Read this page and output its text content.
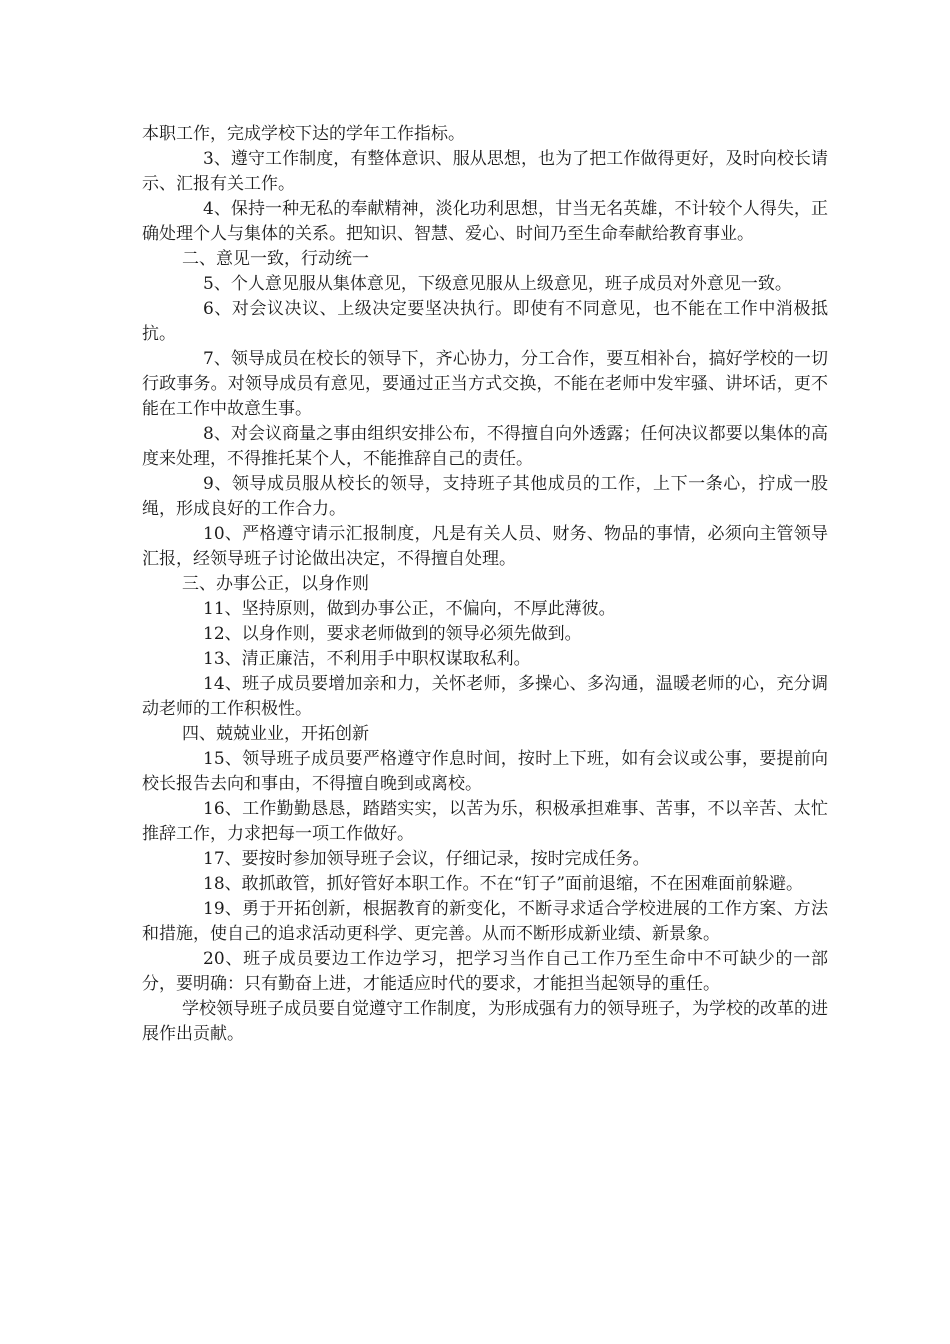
本职工作，完成学校下达的学年工作指标。

3、遵守工作制度，有整体意识、服从思想，也为了把工作做得更好，及时向校长请示、汇报有关工作。

4、保持一种无私的奉献精神，淡化功利思想，甘当无名英雄，不计较个人得失，正确处理个人与集体的关系。把知识、智慧、爱心、时间乃至生命奉献给教育事业。

二、意见一致，行动统一

5、个人意见服从集体意见，下级意见服从上级意见，班子成员对外意见一致。

6、对会议决议、上级决定要坚决执行。即使有不同意见，也不能在工作中消极抵抗。

7、领导成员在校长的领导下，齐心协力，分工合作，要互相补台，搞好学校的一切行政事务。对领导成员有意见，要通过正当方式交换，不能在老师中发牢骚、讲坏话，更不能在工作中故意生事。

8、对会议商量之事由组织安排公布，不得擅自向外透露；任何决议都要以集体的高度来处理，不得推托某个人，不能推辞自己的责任。

9、领导成员服从校长的领导，支持班子其他成员的工作，上下一条心，拧成一股绳，形成良好的工作合力。

10、严格遵守请示汇报制度，凡是有关人员、财务、物品的事情，必须向主管领导汇报，经领导班子讨论做出决定，不得擅自处理。

三、办事公正，以身作则

11、坚持原则，做到办事公正，不偏向，不厚此薄彼。

12、以身作则，要求老师做到的领导必须先做到。

13、清正廉洁，不利用手中职权谋取私利。

14、班子成员要增加亲和力，关怀老师，多操心、多沟通，温暖老师的心，充分调动老师的工作积极性。

四、兢兢业业，开拓创新

15、领导班子成员要严格遵守作息时间，按时上下班，如有会议或公事，要提前向校长报告去向和事由，不得擅自晚到或离校。

16、工作勤勤恳恳，踏踏实实，以苦为乐，积极承担难事、苦事，不以辛苦、太忙推辞工作，力求把每一项工作做好。

17、要按时参加领导班子会议，仔细记录，按时完成任务。

18、敢抓敢管，抓好管好本职工作。不在“钉子”面前退缩，不在困难面前躲避。

19、勇于开拓创新，根据教育的新变化，不断寻求适合学校进展的工作方案、方法和措施，使自己的追求活动更科学、更完善。从而不断形成新业绩、新景象。

20、班子成员要边工作边学习，把学习当作自己工作乃至生命中不可缺少的一部分，要明确：只有勤奋上进，才能适应时代的要求，才能担当起领导的重任。

学校领导班子成员要自觉遵守工作制度，为形成强有力的领导班子，为学校的改革的进展作出贡献。
